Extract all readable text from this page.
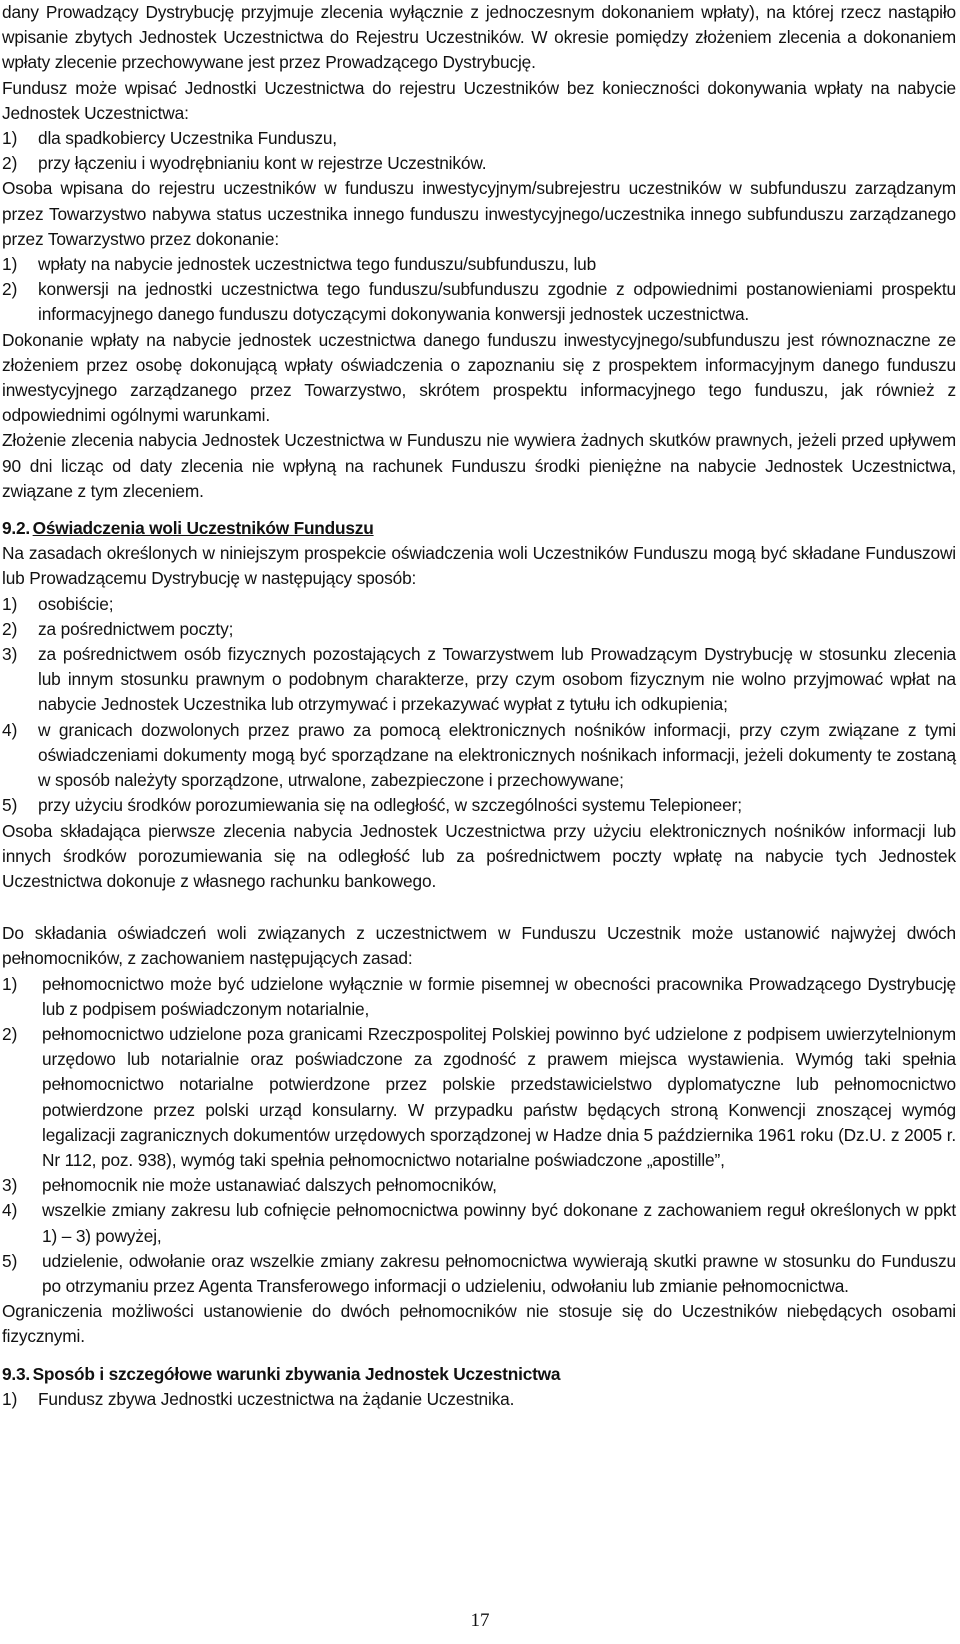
dany Prowadzący Dystrybucję przyjmuje zlecenia wyłącznie z jednoczesnym dokonaniem wpłaty), na której rzecz nastąpiło wpisanie zbytych Jednostek Uczestnictwa do Rejestru Uczestników. W okresie pomiędzy złożeniem zlecenia a dokonaniem wpłaty zlecenie przechowywane jest przez Prowadzącego Dystrybucję.

Fundusz może wpisać Jednostki Uczestnictwa do rejestru Uczestników bez konieczności dokonywania wpłaty na nabycie Jednostek Uczestnictwa:

1)	dla spadkobiercy Uczestnika Funduszu,
2)	przy łączeniu i wyodrębnianiu kont w rejestrze Uczestników.

Osoba wpisana do rejestru uczestników w funduszu inwestycyjnym/subrejestru uczestników w subfunduszu zarządzanym przez Towarzystwo nabywa status uczestnika innego funduszu inwestycyjnego/uczestnika innego subfunduszu zarządzanego przez Towarzystwo przez dokonanie:

1)	wpłaty na nabycie jednostek uczestnictwa tego funduszu/subfunduszu, lub
2)	konwersji na jednostki uczestnictwa tego funduszu/subfunduszu zgodnie z odpowiednimi postanowieniami prospektu informacyjnego danego funduszu dotyczącymi dokonywania konwersji jednostek uczestnictwa.

Dokonanie wpłaty na nabycie jednostek uczestnictwa danego funduszu inwestycyjnego/subfunduszu jest równoznaczne ze złożeniem przez osobę dokonującą wpłaty oświadczenia o zapoznaniu się z prospektem informacyjnym danego funduszu inwestycyjnego zarządzanego przez Towarzystwo, skrótem prospektu informacyjnego tego funduszu, jak również z odpowiednimi ogólnymi warunkami.

Złożenie zlecenia nabycia Jednostek Uczestnictwa w Funduszu nie wywiera żadnych skutków prawnych, jeżeli przed upływem 90 dni licząc od daty zlecenia nie wpłyną na rachunek Funduszu środki pieniężne na nabycie Jednostek Uczestnictwa, związane z tym zleceniem.

9.2. Oświadczenia woli Uczestników Funduszu

Na zasadach określonych w niniejszym prospekcie oświadczenia woli Uczestników Funduszu mogą być składane Funduszowi lub Prowadzącemu Dystrybucję w następujący sposób:

1)	osobiście;
2)	za pośrednictwem poczty;
3)	za pośrednictwem osób fizycznych pozostających z Towarzystwem lub Prowadzącym Dystrybucję w stosunku zlecenia lub innym stosunku prawnym o podobnym charakterze, przy czym osobom fizycznym nie wolno przyjmować wpłat na nabycie Jednostek Uczestnika lub otrzymywać i przekazywać wypłat z tytułu ich odkupienia;
4)	w granicach dozwolonych przez prawo za pomocą elektronicznych nośników informacji, przy czym związane z tymi oświadczeniami dokumenty mogą być sporządzane na elektronicznych nośnikach informacji, jeżeli dokumenty te zostaną w sposób należyty sporządzone, utrwalone, zabezpieczone i przechowywane;
5)	przy użyciu środków porozumiewania się na odległość, w szczególności systemu Telepioneer;

Osoba składająca pierwsze zlecenia nabycia Jednostek Uczestnictwa przy użyciu elektronicznych nośników informacji lub innych środków porozumiewania się na odległość lub za pośrednictwem poczty wpłatę na nabycie tych Jednostek Uczestnictwa dokonuje z własnego rachunku bankowego.

Do składania oświadczeń woli związanych z uczestnictwem w Funduszu Uczestnik może ustanowić najwyżej dwóch pełnomocników, z zachowaniem następujących zasad:

1)	pełnomocnictwo może być udzielone wyłącznie w formie pisemnej w obecności pracownika Prowadzącego Dystrybucję lub z podpisem poświadczonym notarialnie,
2)	pełnomocnictwo udzielone poza granicami Rzeczpospolitej Polskiej powinno być udzielone z podpisem uwierzytelnionym urzędowo lub notarialnie oraz poświadczone za zgodność z prawem miejsca wystawienia. Wymóg taki spełnia pełnomocnictwo notarialne potwierdzone przez polskie przedstawicielstwo dyplomatyczne lub pełnomocnictwo potwierdzone przez polski urząd konsularny. W przypadku państw będących stroną Konwencji znoszącej wymóg legalizacji zagranicznych dokumentów urzędowych sporządzonej w Hadze dnia 5 października 1961 roku (Dz.U. z 2005 r. Nr 112, poz. 938), wymóg taki spełnia pełnomocnictwo notarialne poświadczone „apostille”,
3)	pełnomocnik nie może ustanawiać dalszych pełnomocników,
4)	wszelkie zmiany zakresu lub cofnięcie pełnomocnictwa powinny być dokonane z zachowaniem reguł określonych w ppkt 1) – 3) powyżej,
5)	udzielenie, odwołanie oraz wszelkie zmiany zakresu pełnomocnictwa wywierają skutki prawne w stosunku do Funduszu po otrzymaniu przez Agenta Transferowego informacji o udzieleniu, odwołaniu lub zmianie pełnomocnictwa.

Ograniczenia możliwości ustanowienie do dwóch pełnomocników nie stosuje się do Uczestników niebędących osobami fizycznymi.

9.3. Sposób i szczegółowe warunki zbywania Jednostek Uczestnictwa

1)	Fundusz zbywa Jednostki uczestnictwa na żądanie Uczestnika.
17
